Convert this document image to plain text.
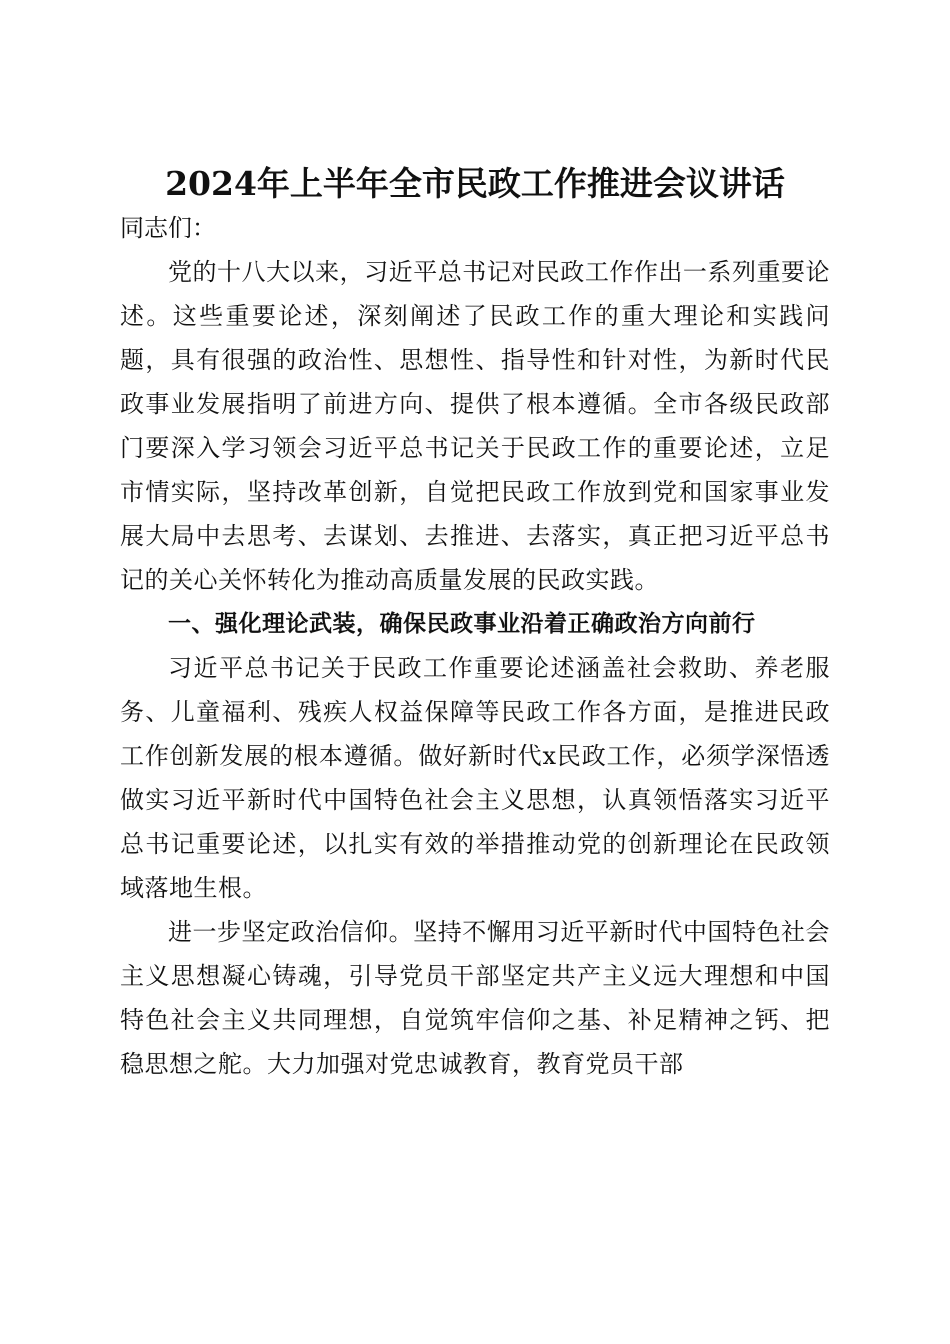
2024年上半年全市民政工作推进会议讲话

同志们：

党的十八大以来，习近平总书记对民政工作作出一系列重要论述。这些重要论述，深刻阐述了民政工作的重大理论和实践问题，具有很强的政治性、思想性、指导性和针对性，为新时代民政事业发展指明了前进方向、提供了根本遵循。全市各级民政部门要深入学习领会习近平总书记关于民政工作的重要论述，立足市情实际，坚持改革创新，自觉把民政工作放到党和国家事业发展大局中去思考、去谋划、去推进、去落实，真正把习近平总书记的关心关怀转化为推动高质量发展的民政实践。

一、强化理论武装，确保民政事业沿着正确政治方向前行

习近平总书记关于民政工作重要论述涵盖社会救助、养老服务、儿童福利、残疾人权益保障等民政工作各方面，是推进民政工作创新发展的根本遵循。做好新时代x民政工作，必须学深悟透做实习近平新时代中国特色社会主义思想，认真领悟落实习近平总书记重要论述，以扎实有效的举措推动党的创新理论在民政领域落地生根。

进一步坚定政治信仰。坚持不懈用习近平新时代中国特色社会主义思想凝心铸魂，引导党员干部坚定共产主义远大理想和中国特色社会主义共同理想，自觉筑牢信仰之基、补足精神之钙、把稳思想之舵。大力加强对党忠诚教育，教育党员干部
